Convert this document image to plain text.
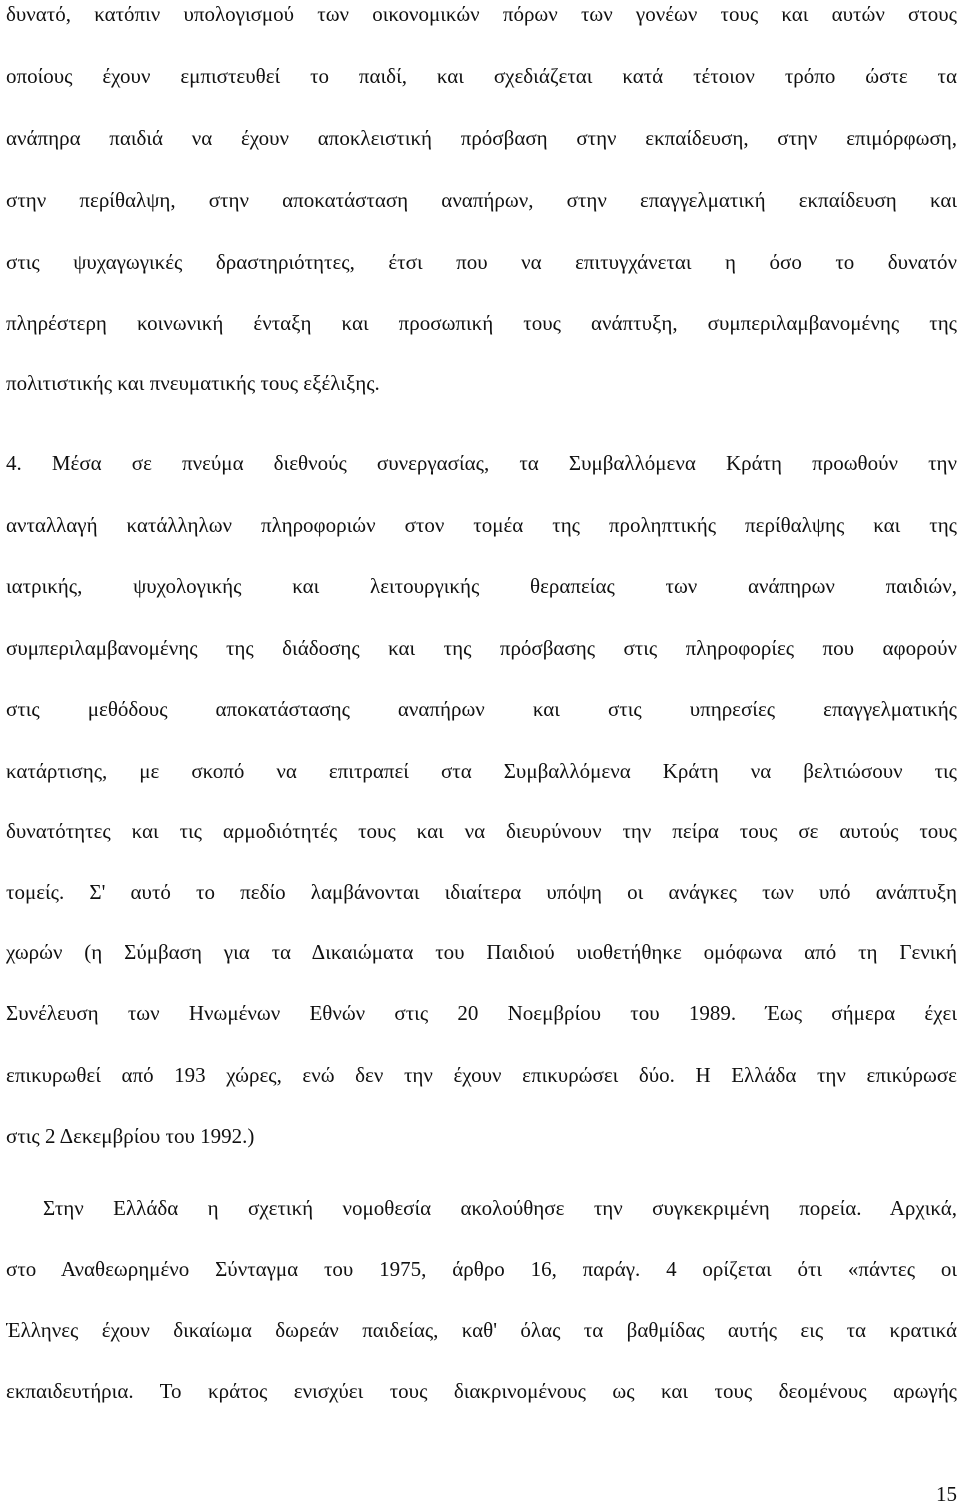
δυνατό, κατόπιν υπολογισμού των οικονομικών πόρων των γονέων τους και αυτών στους
οποίους έχουν εμπιστευθεί το παιδί, και σχεδιάζεται κατά τέτοιον τρόπο ώστε τα
ανάπηρα παιδιά να έχουν αποκλειστική πρόσβαση στην εκπαίδευση, στην επιμόρφωση,
στην περίθαλψη, στην αποκατάσταση αναπήρων, στην επαγγελματική εκπαίδευση και
στις ψυχαγωγικές δραστηριότητες, έτσι που να επιτυγχάνεται η όσο το δυνατόν
πληρέστερη κοινωνική ένταξη και προσωπική τους ανάπτυξη, συμπεριλαμβανομένης της
πολιτιστικής και πνευματικής τους εξέλιξης.
4. Μέσα σε πνεύμα διεθνούς συνεργασίας, τα Συμβαλλόμενα Κράτη προωθούν την
ανταλλαγή κατάλληλων πληροφοριών στον τομέα της προληπτικής περίθαλψης και της
ιατρικής, ψυχολογικής και λειτουργικής θεραπείας των ανάπηρων παιδιών,
συμπεριλαμβανομένης της διάδοσης και της πρόσβασης στις πληροφορίες που αφορούν
στις μεθόδους αποκατάστασης αναπήρων και στις υπηρεσίες επαγγελματικής
κατάρτισης, με σκοπό να επιτραπεί στα Συμβαλλόμενα Κράτη να βελτιώσουν τις
δυνατότητες και τις αρμοδιότητές τους και να διευρύνουν την πείρα τους σε αυτούς τους
τομείς. Σ' αυτό το πεδίο λαμβάνονται ιδιαίτερα υπόψη οι ανάγκες των υπό ανάπτυξη
χωρών (η Σύμβαση για τα Δικαιώματα του Παιδιού υιοθετήθηκε ομόφωνα από τη Γενική
Συνέλευση των Ηνωμένων Εθνών στις 20 Νοεμβρίου του 1989. Έως σήμερα έχει
επικυρωθεί από 193 χώρες, ενώ δεν την έχουν επικυρώσει δύο. Η Ελλάδα την επικύρωσε
στις 2 Δεκεμβρίου του 1992.)
Στην Ελλάδα η σχετική νομοθεσία ακολούθησε την συγκεκριμένη πορεία. Αρχικά,
στο Αναθεωρημένο Σύνταγμα του 1975, άρθρο 16, παράγ. 4 ορίζεται ότι «πάντες οι
Έλληνες έχουν δικαίωμα δωρεάν παιδείας, καθ' όλας τα βαθμίδας αυτής εις τα κρατικά
εκπαιδευτήρια. Το κράτος ενισχύει τους διακρινομένους ως και τους δεομένους αρωγής
15
